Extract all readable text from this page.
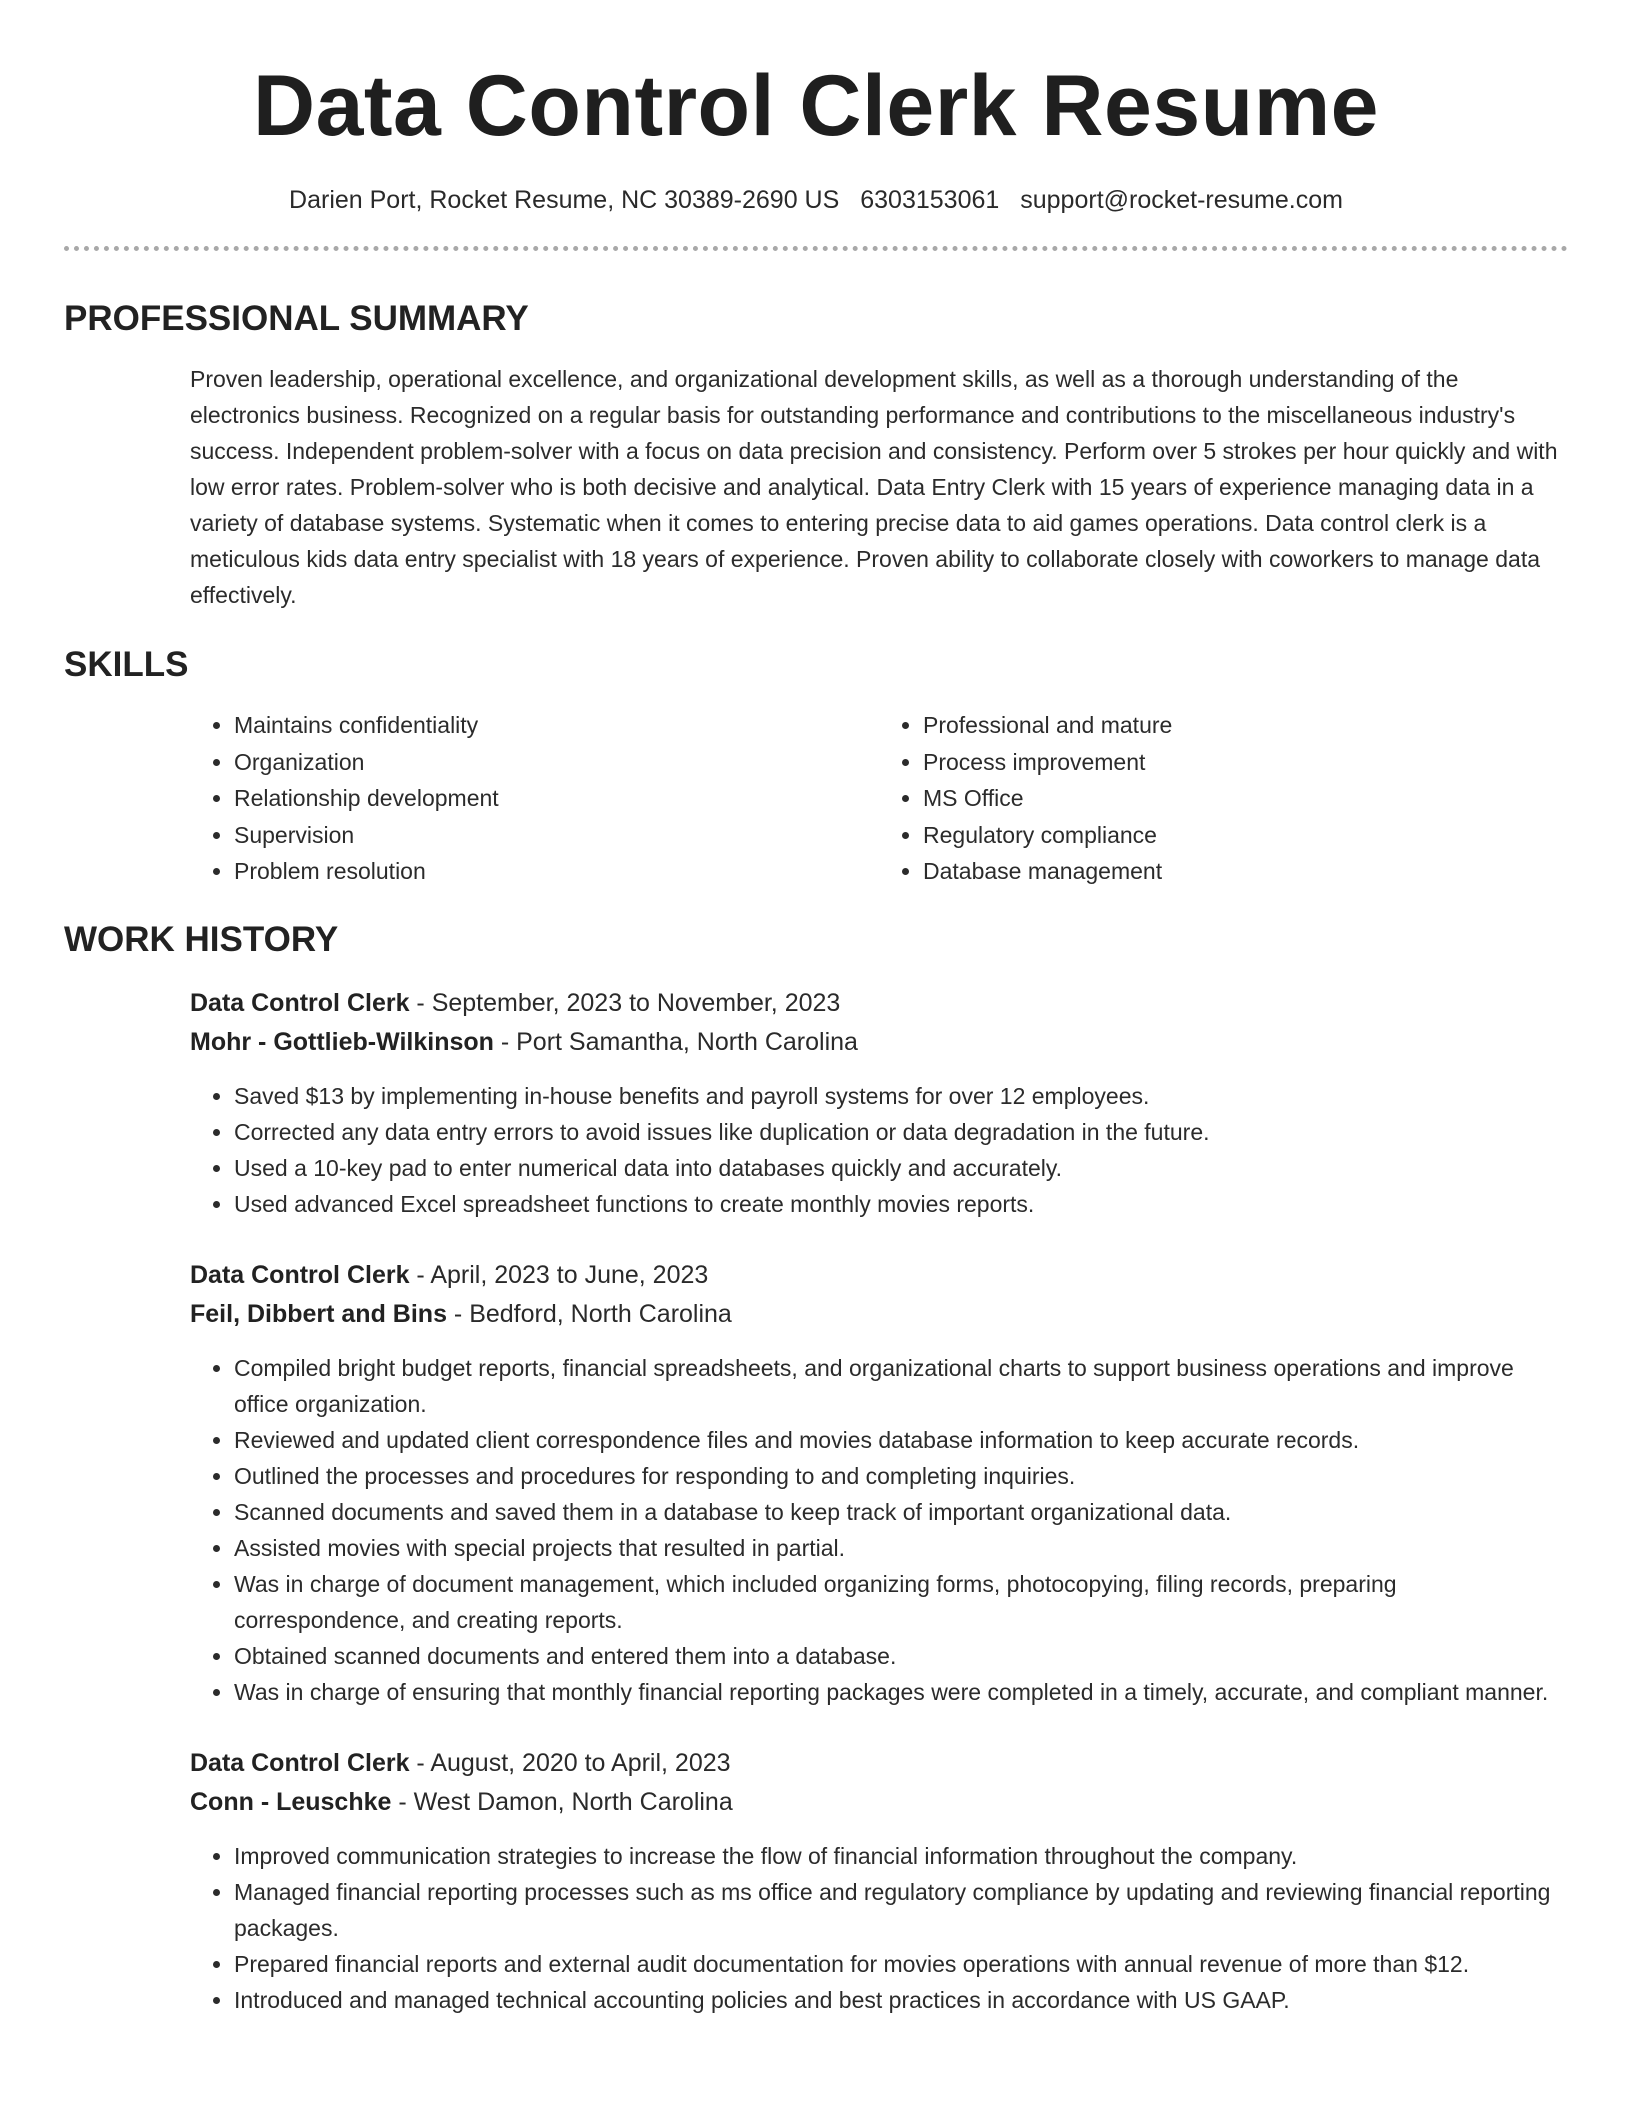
Data Control Clerk Resume
Darien Port, Rocket Resume, NC 30389-2690 US 6303153061 support@rocket-resume.com
PROFESSIONAL SUMMARY
Proven leadership, operational excellence, and organizational development skills, as well as a thorough understanding of the electronics business. Recognized on a regular basis for outstanding performance and contributions to the miscellaneous industry's success. Independent problem-solver with a focus on data precision and consistency. Perform over 5 strokes per hour quickly and with low error rates. Problem-solver who is both decisive and analytical. Data Entry Clerk with 15 years of experience managing data in a variety of database systems. Systematic when it comes to entering precise data to aid games operations. Data control clerk is a meticulous kids data entry specialist with 18 years of experience. Proven ability to collaborate closely with coworkers to manage data effectively.
SKILLS
• Maintains confidentiality
• Organization
• Relationship development
• Supervision
• Problem resolution
• Professional and mature
• Process improvement
• MS Office
• Regulatory compliance
• Database management
WORK HISTORY
Data Control Clerk - September, 2023 to November, 2023
Mohr - Gottlieb-Wilkinson - Port Samantha, North Carolina
• Saved $13 by implementing in-house benefits and payroll systems for over 12 employees.
• Corrected any data entry errors to avoid issues like duplication or data degradation in the future.
• Used a 10-key pad to enter numerical data into databases quickly and accurately.
• Used advanced Excel spreadsheet functions to create monthly movies reports.
Data Control Clerk - April, 2023 to June, 2023
Feil, Dibbert and Bins - Bedford, North Carolina
• Compiled bright budget reports, financial spreadsheets, and organizational charts to support business operations and improve office organization.
• Reviewed and updated client correspondence files and movies database information to keep accurate records.
• Outlined the processes and procedures for responding to and completing inquiries.
• Scanned documents and saved them in a database to keep track of important organizational data.
• Assisted movies with special projects that resulted in partial.
• Was in charge of document management, which included organizing forms, photocopying, filing records, preparing correspondence, and creating reports.
• Obtained scanned documents and entered them into a database.
• Was in charge of ensuring that monthly financial reporting packages were completed in a timely, accurate, and compliant manner.
Data Control Clerk - August, 2020 to April, 2023
Conn - Leuschke - West Damon, North Carolina
• Improved communication strategies to increase the flow of financial information throughout the company.
• Managed financial reporting processes such as ms office and regulatory compliance by updating and reviewing financial reporting packages.
• Prepared financial reports and external audit documentation for movies operations with annual revenue of more than $12.
• Introduced and managed technical accounting policies and best practices in accordance with US GAAP.
